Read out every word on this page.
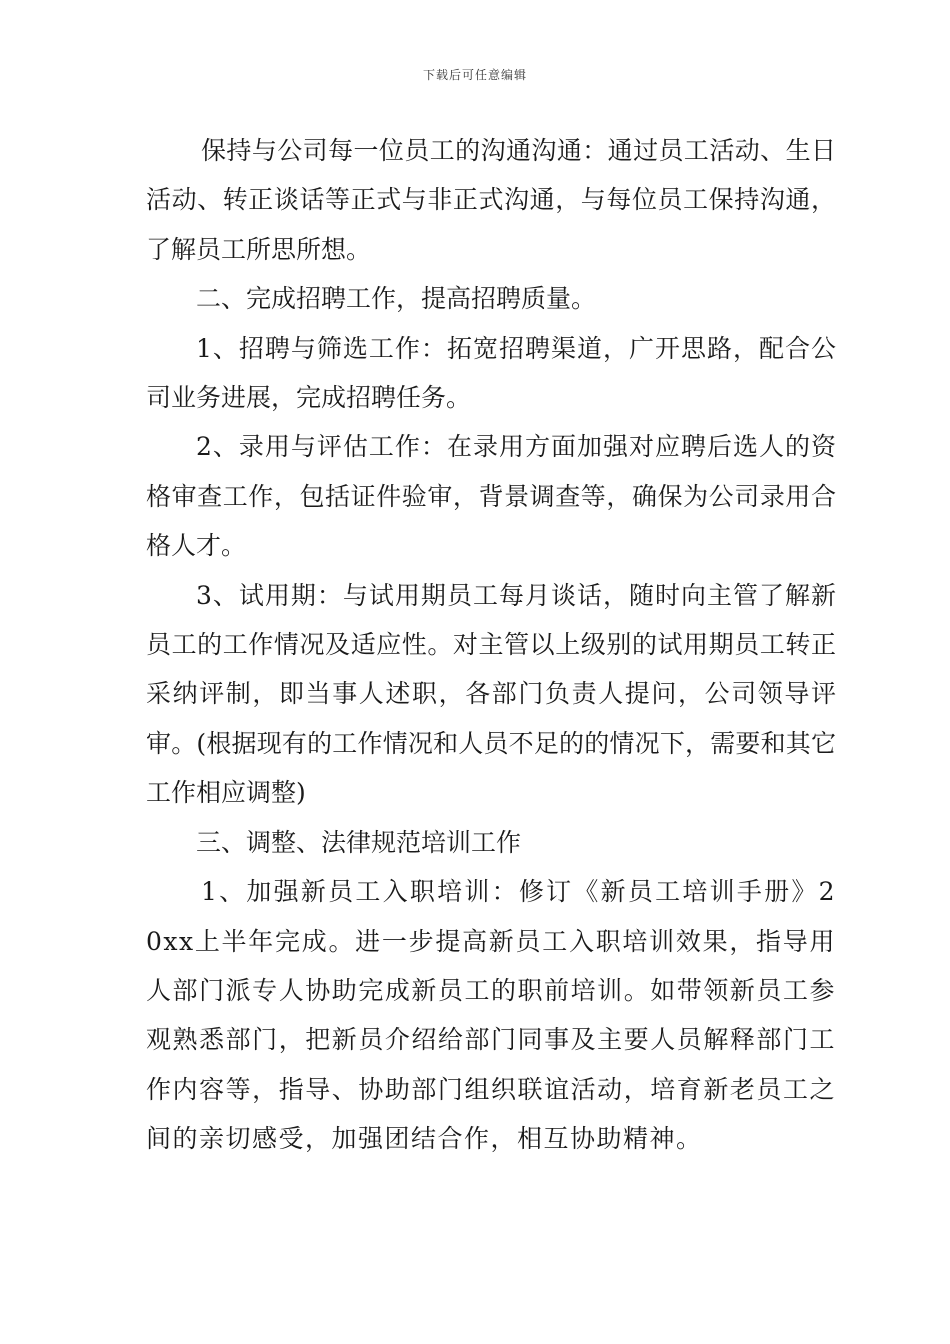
下载后可任意编辑

保持与公司每一位员工的沟通沟通：通过员工活动、生日活动、转正谈话等正式与非正式沟通，与每位员工保持沟通，了解员工所思所想。

二、完成招聘工作，提高招聘质量。

1、招聘与筛选工作：拓宽招聘渠道，广开思路，配合公司业务进展，完成招聘任务。

2、录用与评估工作：在录用方面加强对应聘后选人的资格审查工作，包括证件验审，背景调查等，确保为公司录用合格人才。

3、试用期：与试用期员工每月谈话，随时向主管了解新员工的工作情况及适应性。对主管以上级别的试用期员工转正采纳评制，即当事人述职，各部门负责人提问，公司领导评审。(根据现有的工作情况和人员不足的的情况下，需要和其它工作相应调整)

三、调整、法律规范培训工作

1、加强新员工入职培训：修订《新员工培训手册》20xx上半年完成。进一步提高新员工入职培训效果，指导用人部门派专人协助完成新员工的职前培训。如带领新员工参观熟悉部门，把新员介绍给部门同事及主要人员解释部门工作内容等，指导、协助部门组织联谊活动，培育新老员工之间的亲切感受，加强团结合作，相互协助精神。
